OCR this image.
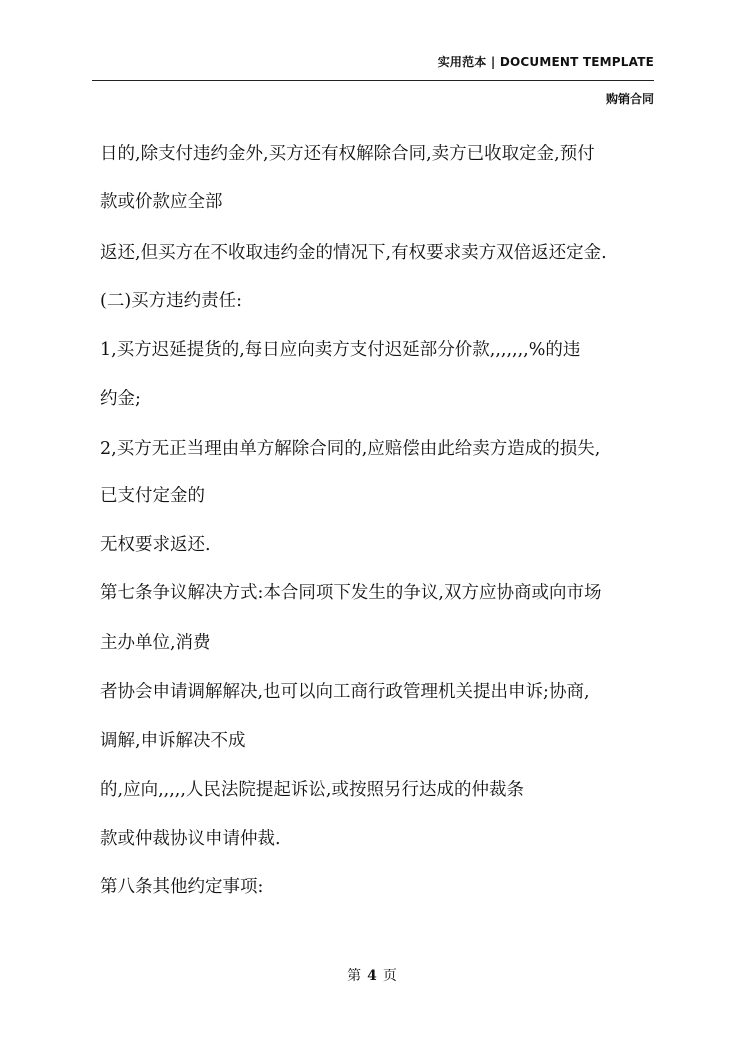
实用范本 | DOCUMENT TEMPLATE
购销合同
日的,除支付违约金外,买方还有权解除合同,卖方已收取定金,预付
款或价款应全部
返还,但买方在不收取违约金的情况下,有权要求卖方双倍返还定金.
(二)买方违约责任:
1,买方迟延提货的,每日应向卖方支付迟延部分价款,,,,,,,%的违
约金;
2,买方无正当理由单方解除合同的,应赔偿由此给卖方造成的损失,
已支付定金的
无权要求返还.
第七条争议解决方式:本合同项下发生的争议,双方应协商或向市场
主办单位,消费
者协会申请调解解决,也可以向工商行政管理机关提出申诉;协商,
调解,申诉解决不成
的,应向,,,,,人民法院提起诉讼,或按照另行达成的仲裁条
款或仲裁协议申请仲裁.
第八条其他约定事项:
第 4 页
